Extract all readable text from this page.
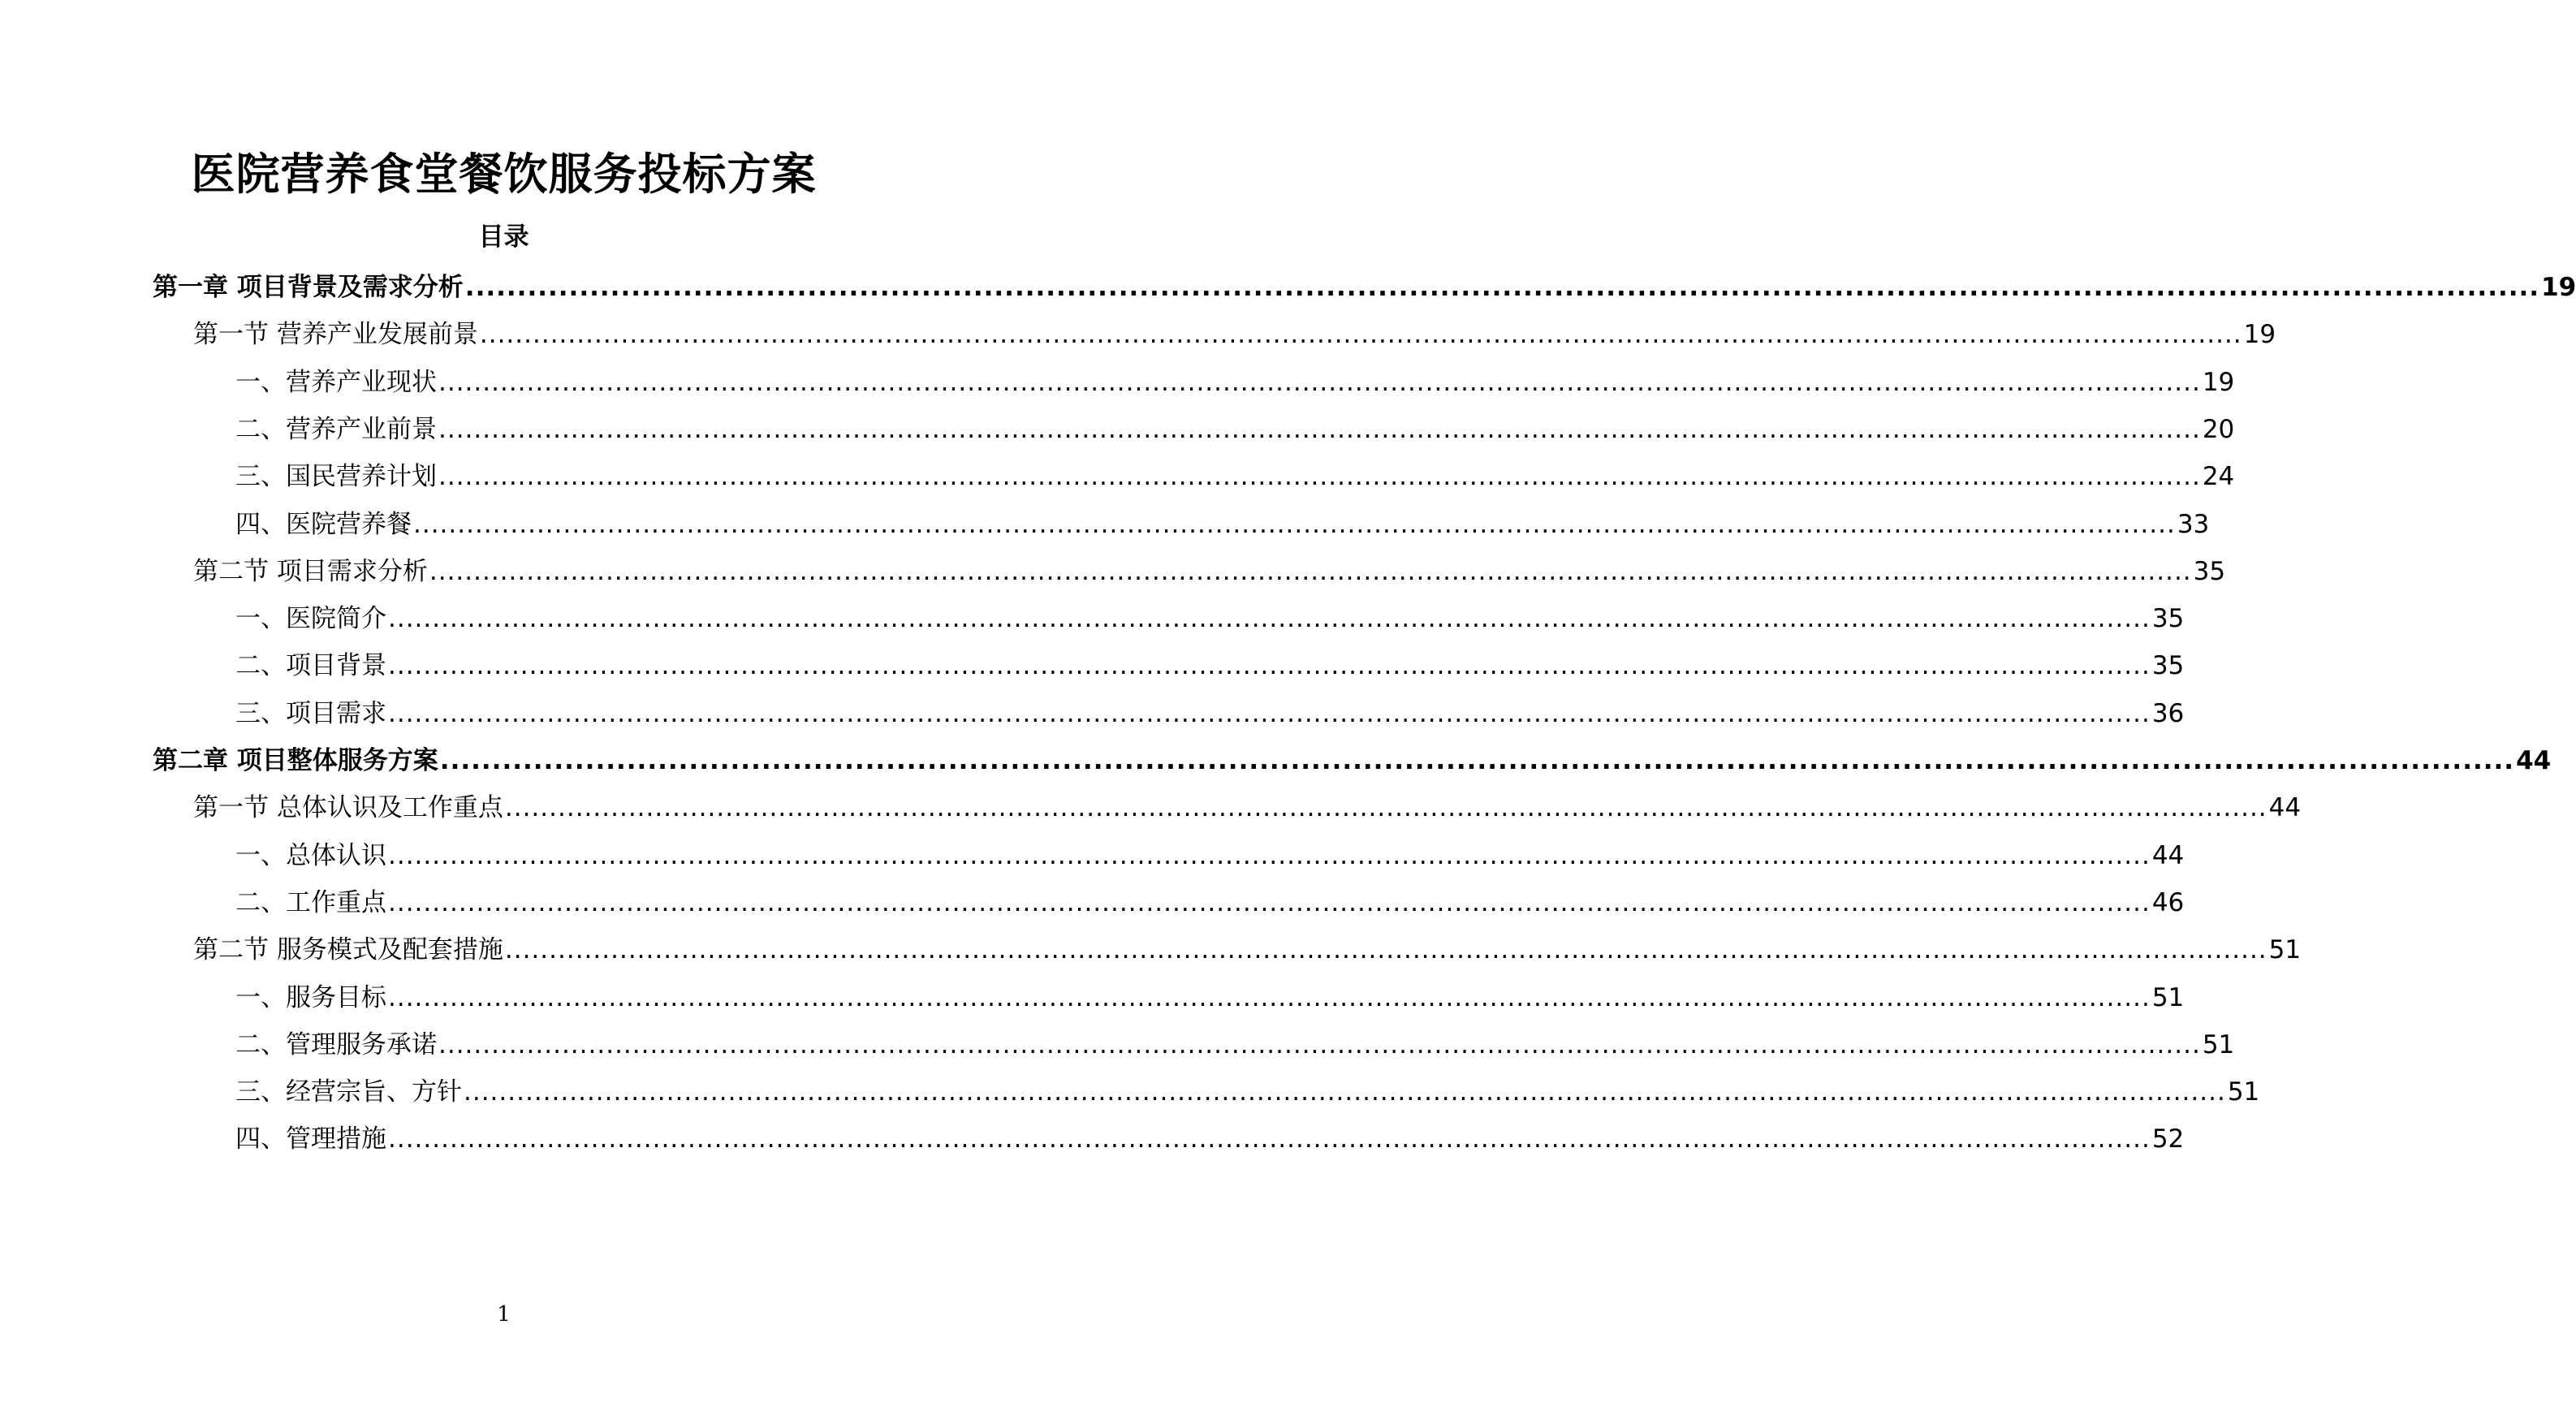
医院营养食堂餐饮服务投标方案
目录
第一章 项目背景及需求分析 ........................................................................................................................................................................................................ 19
第一节 营养产业发展前景 ........................................................................................................................................................................................................ 19
一、营养产业现状 ........................................................................................................................................................................................................ 19
二、营养产业前景 ........................................................................................................................................................................................................ 20
三、国民营养计划 ........................................................................................................................................................................................................ 24
四、医院营养餐 ........................................................................................................................................................................................................ 33
第二节 项目需求分析 ........................................................................................................................................................................................................ 35
一、医院简介 ........................................................................................................................................................................................................ 35
二、项目背景 ........................................................................................................................................................................................................ 35
三、项目需求 ........................................................................................................................................................................................................ 36
第二章 项目整体服务方案 ........................................................................................................................................................................................................ 44
第一节 总体认识及工作重点 ........................................................................................................................................................................................................ 44
一、总体认识 ........................................................................................................................................................................................................ 44
二、工作重点 ........................................................................................................................................................................................................ 46
第二节 服务模式及配套措施 ........................................................................................................................................................................................................ 51
一、服务目标 ........................................................................................................................................................................................................ 51
二、管理服务承诺 ........................................................................................................................................................................................................ 51
三、经营宗旨、方针 ........................................................................................................................................................................................................ 51
四、管理措施 ........................................................................................................................................................................................................ 52
1
